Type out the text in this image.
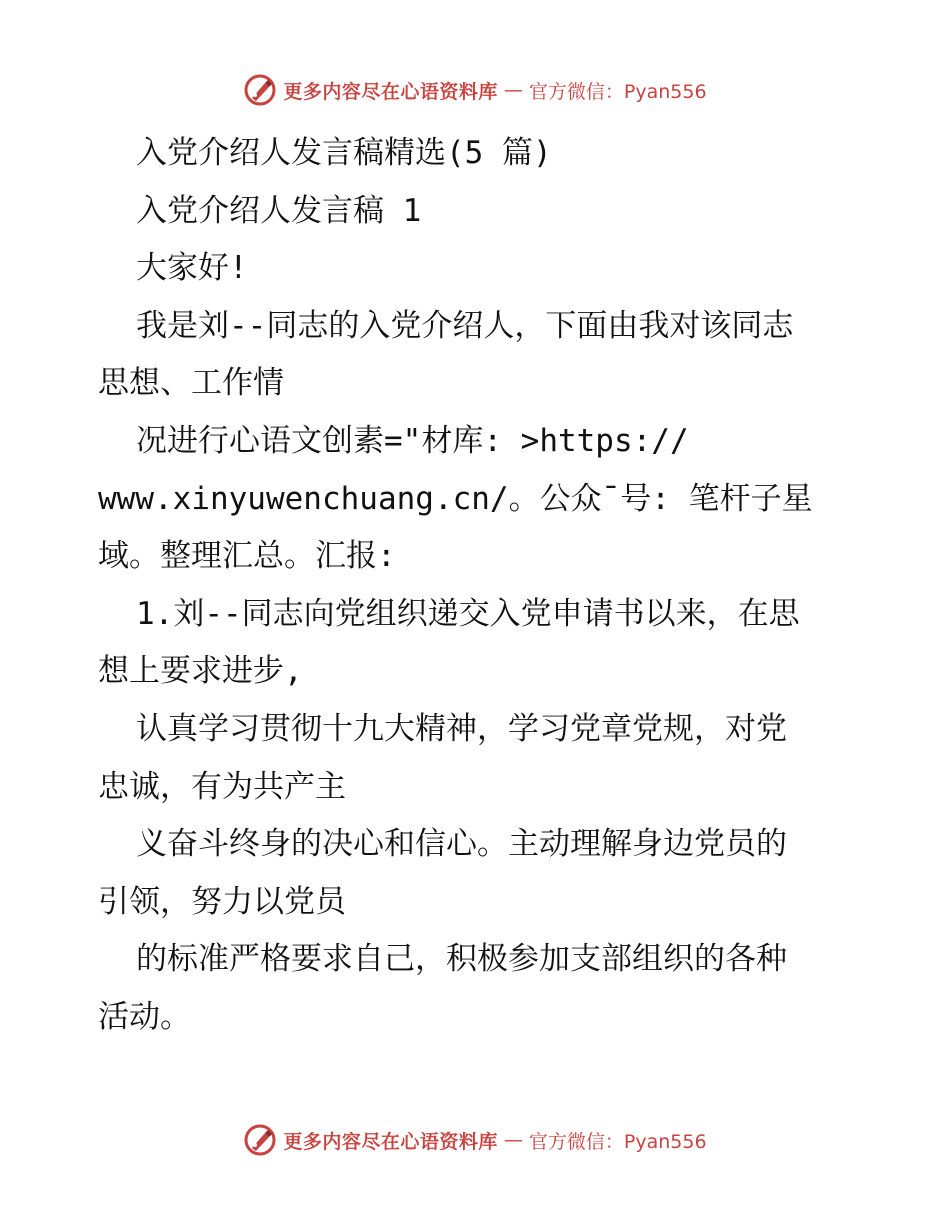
更多内容尽在心语资料库 — 官方微信：Pyan556

入党介绍人发言稿精选(5 篇)

入党介绍人发言稿 1

大家好!

我是刘--同志的入党介绍人，下面由我对该同志

思想、工作情

况进行心语文创素="材库: >https://

www.xinyuwenchuang.cn/。公众¯号: 笔杆子星

域。整理汇总。汇报:

1.刘--同志向党组织递交入党申请书以来，在思

想上要求进步,

认真学习贯彻十九大精神，学习党章党规，对党

忠诚，有为共产主

义奋斗终身的决心和信心。主动理解身边党员的

引领，努力以党员

的标准严格要求自己，积极参加支部组织的各种

活动。

更多内容尽在心语资料库 — 官方微信：Pyan556
